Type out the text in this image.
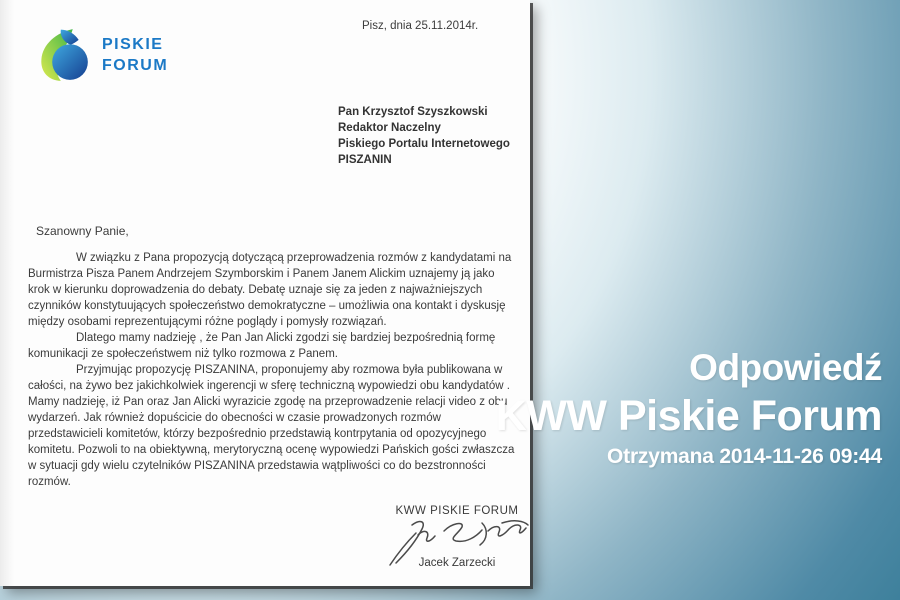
PISKIE
FORUM
Pisz, dnia 25.11.2014r.
Pan Krzysztof Szyszkowski
Redaktor Naczelny
Piskiego Portalu Internetowego
PISZANIN
Szanowny Panie,

W związku z Pana propozycją dotyczącą przeprowadzenia rozmów z kandydatami na Burmistrza Pisza Panem Andrzejem Szymborskim i Panem Janem Alickim uznajemy ją jako krok w kierunku doprowadzenia do debaty. Debatę uznaje się za jeden z najważniejszych czynników konstytuujących społeczeństwo demokratyczne – umożliwia ona kontakt i dyskusję między osobami reprezentującymi różne poglądy i pomysły rozwiązań.

Dlatego mamy nadzieję , że Pan Jan Alicki zgodzi się bardziej bezpośrednią formę komunikacji ze społeczeństwem niż tylko rozmowa z Panem.

Przyjmując propozycję PISZANINA, proponujemy aby rozmowa była publikowana w całości, na żywo bez jakichkolwiek ingerencji w sferę techniczną wypowiedzi obu kandydatów . Mamy nadzieję, iż Pan oraz Jan Alicki wyrazicie zgodę na przeprowadzenie relacji video z obu wydarzeń. Jak również dopuścicie do obecności w czasie prowadzonych rozmów przedstawicieli komitetów, którzy bezpośrednio przedstawią kontrpytania od opozycyjnego komitetu. Pozwoli to na obiektywną, merytoryczną ocenę wypowiedzi Pańskich gości zwłaszcza w sytuacji gdy wielu czytelników PISZANINA przedstawia wątpliwości co do bezstronności rozmów.

KWW PISKIE FORUM
Jacek Zarzecki
Odpowiedź
KWW Piskie Forum
Otrzymana 2014-11-26 09:44
